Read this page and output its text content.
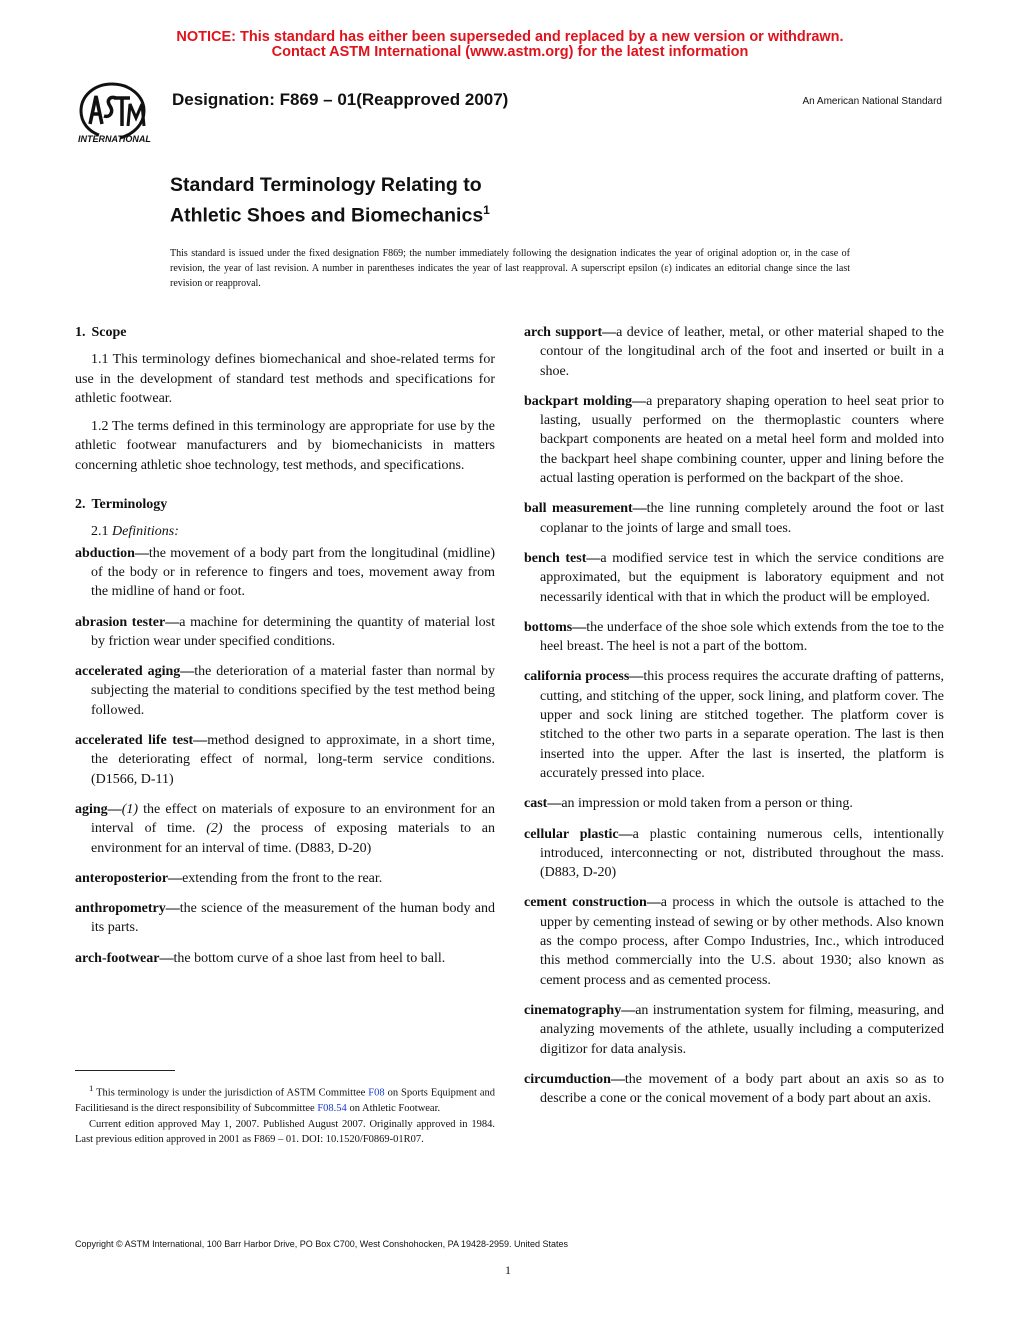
NOTICE: This standard has either been superseded and replaced by a new version or withdrawn.
Contact ASTM International (www.astm.org) for the latest information
INTERNATIONAL
Designation: F869 – 01(Reapproved 2007)	An American National Standard
Standard Terminology Relating to
Athletic Shoes and Biomechanics$^1$
This standard is issued under the fixed designation F869; the number immediately following the designation indicates the year of original adoption or, in the case of revision, the year of last revision. A number in parentheses indicates the year of last reapproval. A superscript epsilon (ε) indicates an editorial change since the last revision or reapproval.
1. Scope

1.1 This terminology defines biomechanical and shoe-related terms for use in the development of standard test methods and specifications for athletic footwear.

1.2 The terms defined in this terminology are appropriate for use by the athletic footwear manufacturers and by biomechanicists in matters concerning athletic shoe technology, test methods, and specifications.

2. Terminology
2.1 Definitions:
abduction—the movement of a body part from the longitudinal (midline) of the body or in reference to fingers and toes, movement away from the midline of hand or foot.
abrasion tester—a machine for determining the quantity of material lost by friction wear under specified conditions.
accelerated aging—the deterioration of a material faster than normal by subjecting the material to conditions specified by the test method being followed.
accelerated life test—method designed to approximate, in a short time, the deteriorating effect of normal, long-term service conditions. (D1566, D-11)
aging—(1) the effect on materials of exposure to an environment for an interval of time. (2) the process of exposing materials to an environment for an interval of time. (D883, D-20)
anteroposterior—extending from the front to the rear.
anthropometry—the science of the measurement of the human body and its parts.
arch-footwear—the bottom curve of a shoe last from heel to ball.
arch support—a device of leather, metal, or other material shaped to the contour of the longitudinal arch of the foot and inserted or built in a shoe.
backpart molding—a preparatory shaping operation to heel seat prior to lasting, usually performed on the thermoplastic counters where backpart components are heated on a metal heel form and molded into the backpart heel shape combining counter, upper and lining before the actual lasting operation is performed on the backpart of the shoe.
ball measurement—the line running completely around the foot or last coplanar to the joints of large and small toes.
bench test—a modified service test in which the service conditions are approximated, but the equipment is laboratory equipment and not necessarily identical with that in which the product will be employed.
bottoms—the underface of the shoe sole which extends from the toe to the heel breast. The heel is not a part of the bottom.
california process—this process requires the accurate drafting of patterns, cutting, and stitching of the upper, sock lining, and platform cover. The upper and sock lining are stitched together. The platform cover is stitched to the other two parts in a separate operation. The last is then inserted into the upper. After the last is inserted, the platform is accurately pressed into place.
cast—an impression or mold taken from a person or thing.
cellular plastic—a plastic containing numerous cells, intentionally introduced, interconnecting or not, distributed throughout the mass. (D883, D-20)
cement construction—a process in which the outsole is attached to the upper by cementing instead of sewing or by other methods. Also known as the compo process, after Compo Industries, Inc., which introduced this method commercially into the U.S. about 1930; also known as cement process and as cemented process.
cinematography—an instrumentation system for filming, measuring, and analyzing movements of the athlete, usually including a computerized digitizor for data analysis.
circumduction—the movement of a body part about an axis so as to describe a cone or the conical movement of a body part about an axis.

$^1$ This terminology is under the jurisdiction of ASTM Committee F08 on Sports Equipment and Facilitiesand is the direct responsibility of Subcommittee F08.54 on Athletic Footwear.

Current edition approved May 1, 2007. Published August 2007. Originally approved in 1984. Last previous edition approved in 2001 as F869 – 01. DOI: 10.1520/F0869-01R07.

Copyright © ASTM International, 100 Barr Harbor Drive, PO Box C700, West Conshohocken, PA 19428-2959. United States
1
